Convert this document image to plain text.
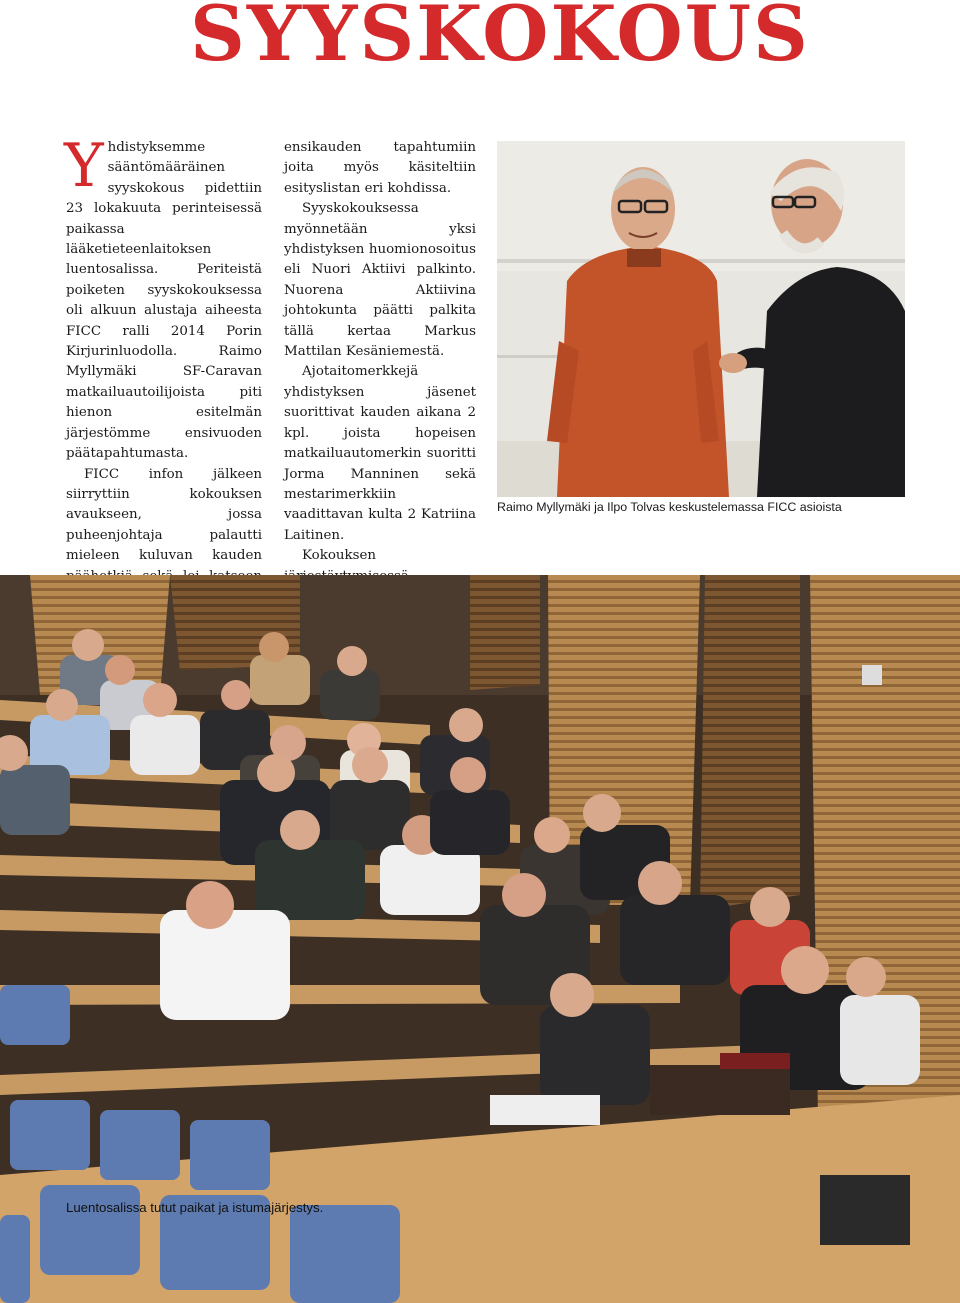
SYYSKOKOUS

Yhdistyksemme sääntömääräinen syyskokous pidettiin 23 lokakuuta perinteisessä paikassa lääketieteenlaitoksen luentosalissa. Periteistä poiketen syyskokouksessa oli alkuun alustaja aiheesta FICC ralli 2014 Porin Kirjurinluodolla. Raimo Myllymäki SF-Caravan matkailuautoilijoista piti hienon esitelmän järjestömme ensivuoden päätapahtumasta.

FICC infon jälkeen siirryttiin kokouksen avaukseen, jossa puheenjohtaja palautti mieleen kuluvan kauden

ensikauden tapahtumiin joita myös käsiteltiin esityslistan eri kohdissa.

Syyskokouksessa myönnetään yksi yhdistyksen huomionosoitus eli Nuori Aktiivi palkinto. Nuorena Aktiivina johtokunta päätti palkita tällä kertaa Markus Mattilan Kesäniemestä.

Ajotaitomerkkejä yhdistyksen jäsenet suorittivat kauden aikana 2 kpl. joista hopeisen matkailuautomerkin suoritti Jorma Manninen sekä mestarimerkkiin vaadittavan kulta 2 Katriina Laitinen.

Kokouksen

Raimo Myllymäki ja Ilpo Tolvas keskustelemassa FICC asioista
Luentosalissa tutut paikat ja istumajärjestys.
